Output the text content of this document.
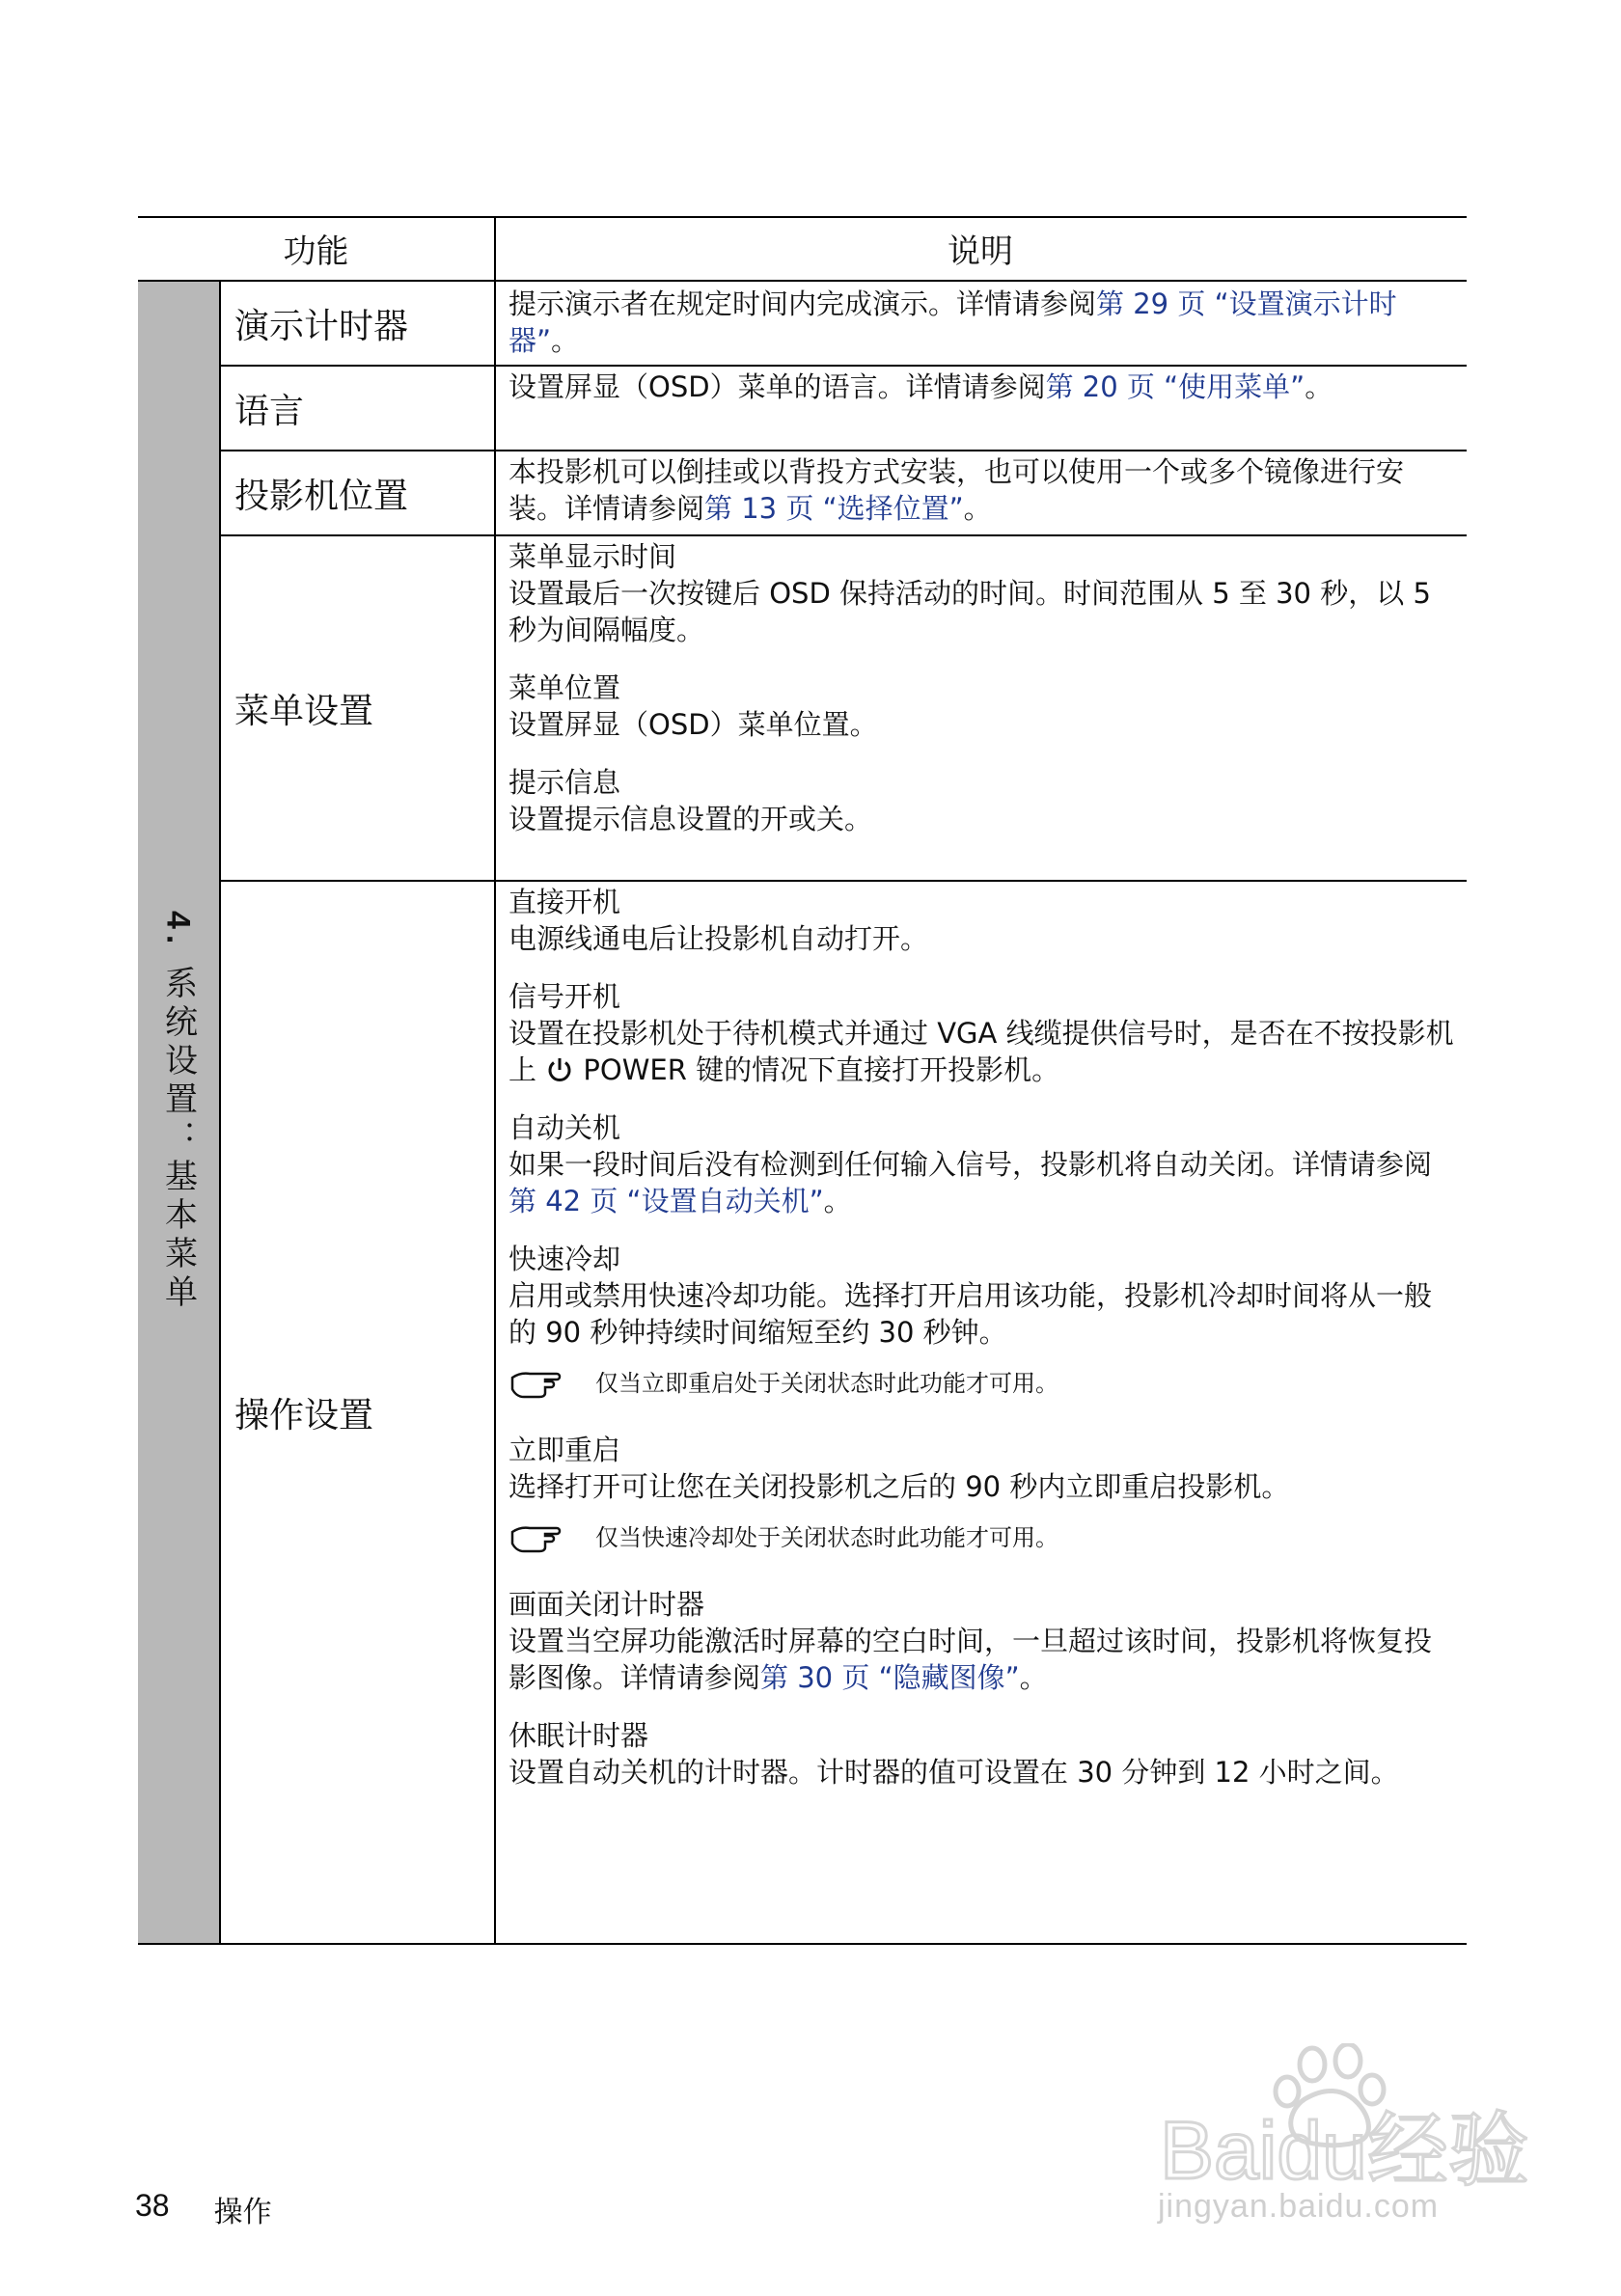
功能	说明
4. 系统设置：基本菜单
演示计时器
提示演示者在规定时间内完成演示。详情请参阅第 29 页 “设置演示计时器”。
语言
设置屏显（OSD）菜单的语言。详情请参阅第 20 页 “使用菜单”。
投影机位置
本投影机可以倒挂或以背投方式安装，也可以使用一个或多个镜像进行安装。详情请参阅第 13 页 “选择位置”。
菜单设置

菜单显示时间

设置最后一次按键后 OSD 保持活动的时间。时间范围从 5 至 30 秒，以 5 秒为间隔幅度。

菜单位置

设置屏显（OSD）菜单位置。

提示信息

设置提示信息设置的开或关。

操作设置

直接开机

电源线通电后让投影机自动打开。

信号开机

设置在投影机处于待机模式并通过 VGA 线缆提供信号时，是否在不按投影机上  POWER 键的情况下直接打开投影机。

自动关机

如果一段时间后没有检测到任何输入信号，投影机将自动关闭。详情请参阅第 42 页 “设置自动关机”。

快速冷却

启用或禁用快速冷却功能。选择打开启用该功能，投影机冷却时间将从一般的 90 秒钟持续时间缩短至约 30 秒钟。

仅当立即重启处于关闭状态时此功能才可用。

立即重启

选择打开可让您在关闭投影机之后的 90 秒内立即重启投影机。

仅当快速冷却处于关闭状态时此功能才可用。

画面关闭计时器

设置当空屏功能激活时屏幕的空白时间，一旦超过该时间，投影机将恢复投影图像。详情请参阅第 30 页 “隐藏图像”。

休眠计时器

设置自动关机的计时器。计时器的值可设置在 30 分钟到 12 小时之间。

38 操作
Baidu经验
jingyan.baidu.com
